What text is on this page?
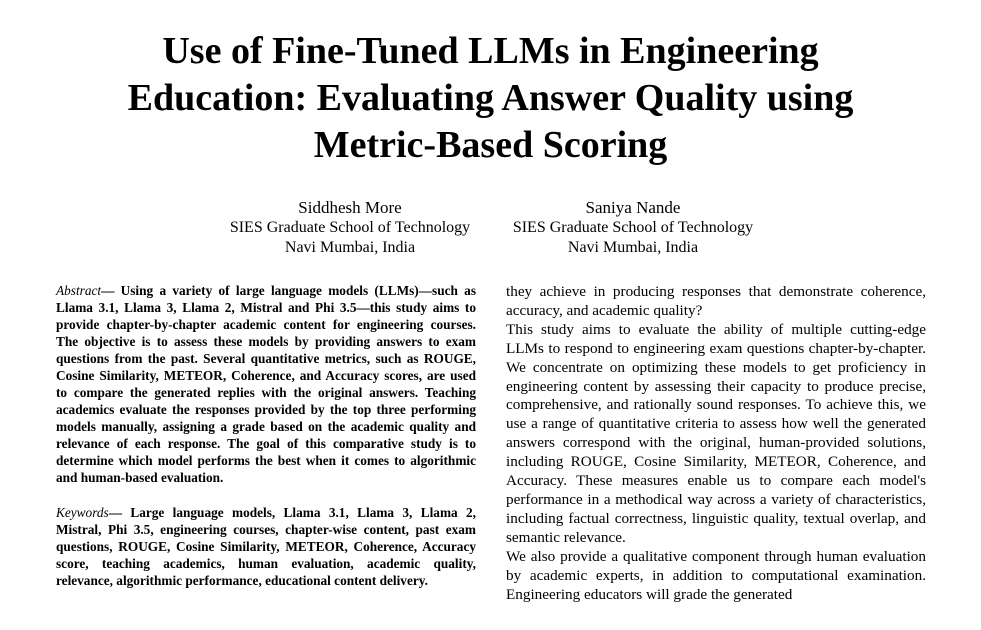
Use of Fine-Tuned LLMs in Engineering
Education: Evaluating Answer Quality using
Metric-Based Scoring
Siddhesh More
SIES Graduate School of Technology
Navi Mumbai, India
Saniya Nande
SIES Graduate School of Technology
Navi Mumbai, India

Abstract— Using a variety of large language models (LLMs)—such as Llama 3.1, Llama 3, Llama 2, Mistral and Phi 3.5—this study aims to provide chapter-by-chapter academic content for engineering courses. The objective is to assess these models by providing answers to exam questions from the past. Several quantitative metrics, such as ROUGE, Cosine Similarity, METEOR, Coherence, and Accuracy scores, are used to compare the generated replies with the original answers. Teaching academics evaluate the responses provided by the top three performing models manually, assigning a grade based on the academic quality and relevance of each response. The goal of this comparative study is to determine which model performs the best when it comes to algorithmic and human-based evaluation.

Keywords— Large language models, Llama 3.1, Llama 3, Llama 2, Mistral, Phi 3.5, engineering courses, chapter-wise content, past exam questions, ROUGE, Cosine Similarity, METEOR, Coherence, Accuracy score, teaching academics, human evaluation, academic quality, relevance, algorithmic performance, educational content delivery.

they achieve in producing responses that demonstrate coherence, accuracy, and academic quality?

This study aims to evaluate the ability of multiple cutting-edge LLMs to respond to engineering exam questions chapter-by-chapter. We concentrate on optimizing these models to get proficiency in engineering content by assessing their capacity to produce precise, comprehensive, and rationally sound responses. To achieve this, we use a range of quantitative criteria to assess how well the generated answers correspond with the original, human-provided solutions, including ROUGE, Cosine Similarity, METEOR, Coherence, and Accuracy. These measures enable us to compare each model's performance in a methodical way across a variety of characteristics, including factual correctness, linguistic quality, textual overlap, and semantic relevance.

We also provide a qualitative component through human evaluation by academic experts, in addition to computational examination. Engineering educators will grade the generated
